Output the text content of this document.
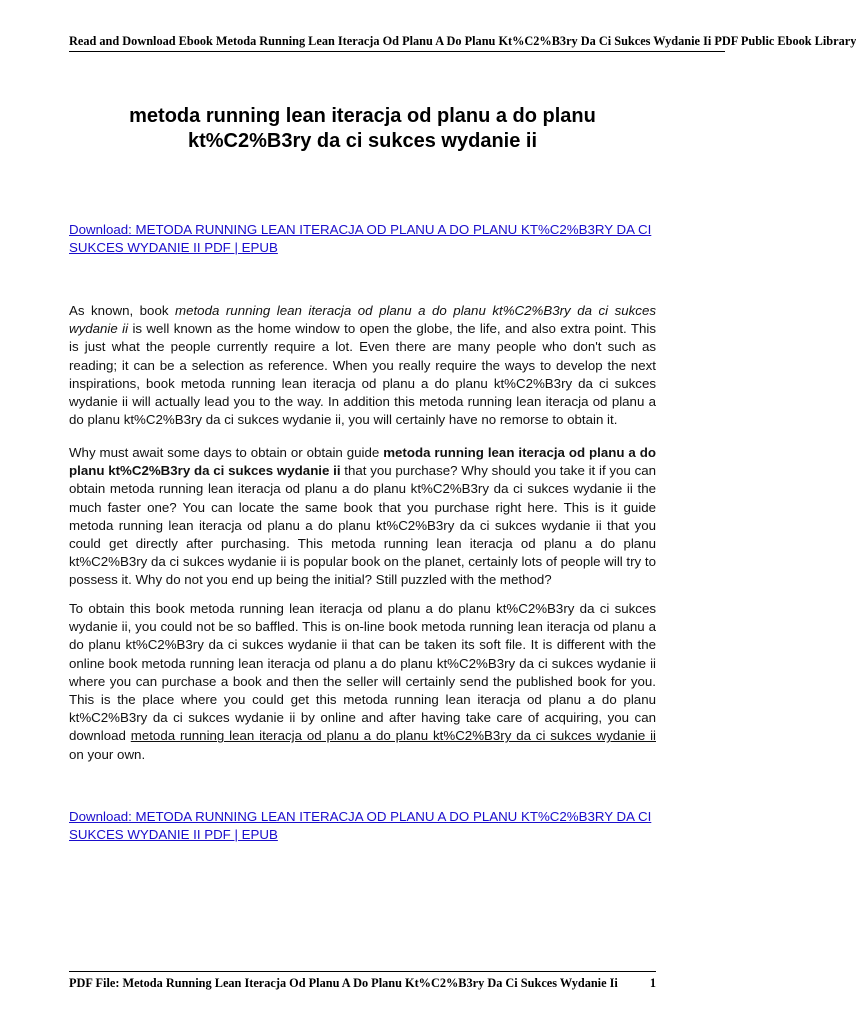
Read and Download Ebook Metoda Running Lean Iteracja Od Planu A Do Planu Kt%C2%B3ry Da Ci Sukces Wydanie Ii PDF Public Ebook Library
metoda running lean iteracja od planu a do planu
kt%C2%B3ry da ci sukces wydanie ii
Download: METODA RUNNING LEAN ITERACJA OD PLANU A DO PLANU KT%C2%B3RY DA CI SUKCES WYDANIE II PDF | EPUB
As known, book metoda running lean iteracja od planu a do planu kt%C2%B3ry da ci sukces wydanie ii is well known as the home window to open the globe, the life, and also extra point. This is just what the people currently require a lot. Even there are many people who don't such as reading; it can be a selection as reference. When you really require the ways to develop the next inspirations, book metoda running lean iteracja od planu a do planu kt%C2%B3ry da ci sukces wydanie ii will actually lead you to the way. In addition this metoda running lean iteracja od planu a do planu kt%C2%B3ry da ci sukces wydanie ii, you will certainly have no remorse to obtain it.
Why must await some days to obtain or obtain guide metoda running lean iteracja od planu a do planu kt%C2%B3ry da ci sukces wydanie ii that you purchase? Why should you take it if you can obtain metoda running lean iteracja od planu a do planu kt%C2%B3ry da ci sukces wydanie ii the much faster one? You can locate the same book that you purchase right here. This is it guide metoda running lean iteracja od planu a do planu kt%C2%B3ry da ci sukces wydanie ii that you could get directly after purchasing. This metoda running lean iteracja od planu a do planu kt%C2%B3ry da ci sukces wydanie ii is popular book on the planet, certainly lots of people will try to possess it. Why do not you end up being the initial? Still puzzled with the method?
To obtain this book metoda running lean iteracja od planu a do planu kt%C2%B3ry da ci sukces wydanie ii, you could not be so baffled. This is on-line book metoda running lean iteracja od planu a do planu kt%C2%B3ry da ci sukces wydanie ii that can be taken its soft file. It is different with the online book metoda running lean iteracja od planu a do planu kt%C2%B3ry da ci sukces wydanie ii where you can purchase a book and then the seller will certainly send the published book for you. This is the place where you could get this metoda running lean iteracja od planu a do planu kt%C2%B3ry da ci sukces wydanie ii by online and after having take care of acquiring, you can download metoda running lean iteracja od planu a do planu kt%C2%B3ry da ci sukces wydanie ii on your own.
Download: METODA RUNNING LEAN ITERACJA OD PLANU A DO PLANU KT%C2%B3RY DA CI SUKCES WYDANIE II PDF | EPUB
PDF File: Metoda Running Lean Iteracja Od Planu A Do Planu Kt%C2%B3ry Da Ci Sukces Wydanie Ii	1
